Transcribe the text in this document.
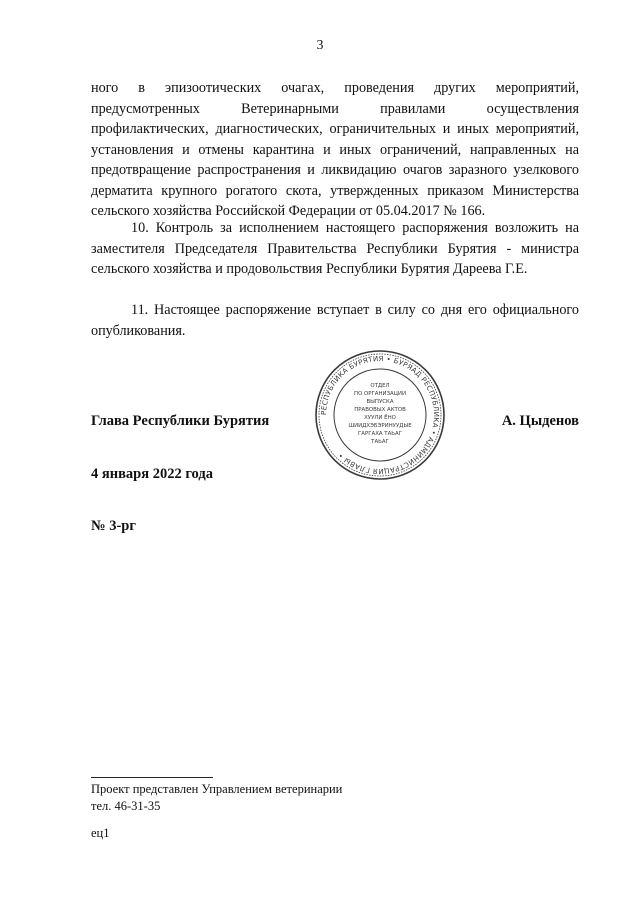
3
ного в эпизоотических очагах, проведения других мероприятий, предусмотренных Ветеринарными правилами осуществления профилактических, диагностических, ограничительных и иных мероприятий, установления и отмены карантина и иных ограничений, направленных на предотвращение распространения и ликвидацию очагов заразного узелкового дерматита крупного рогатого скота, утвержденных приказом Министерства сельского хозяйства Российской Федерации от 05.04.2017 № 166.
10. Контроль за исполнением настоящего распоряжения возложить на заместителя Председателя Правительства Республики Бурятия - министра сельского хозяйства и продовольствия Республики Бурятия Дареева Г.Е.
11. Настоящее распоряжение вступает в силу со дня его официального опубликования.
РЕСПУБЛИКА БУРЯТИЯ • БУРЯАД РЕСПУБЛИКА • АДМИНИСТРАЦИЯ ГЛАВЫ •
ОТДЕЛ
ПО ОРГАНИЗАЦИИ
ВЫПУСКА
ПРАВОВЫХ АКТОВ
ХУУЛИ ЁНО
ШИИДХЭБЭРИНУУДЫЕ
ГАРГАХА ТАЬАГ
ТАЬАГ
Глава Республики Бурятия	А. Цыденов
4 января 2022 года
№ 3-рг
Проект представлен Управлением ветеринарии
тел. 46-31-35
ец1
